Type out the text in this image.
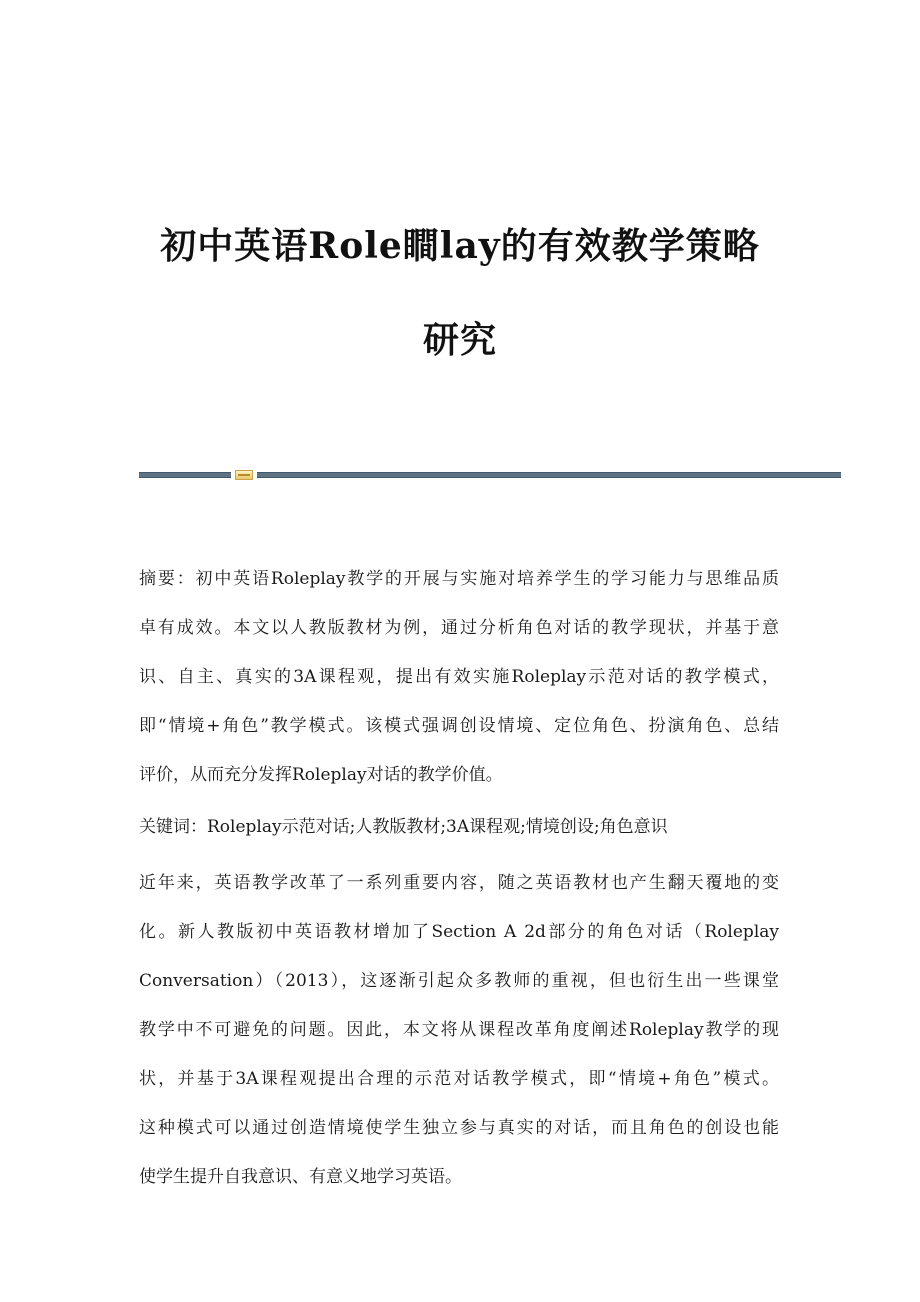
初中英语Role瞷lay的有效教学策略
研究

摘要：初中英语Roleplay教学的开展与实施对培养学生的学习能力与思维品质
卓有成效。本文以人教版教材为例，通过分析角色对话的教学现状，并基于意
识、自主、真实的3A课程观，提出有效实施Roleplay示范对话的教学模式，
即“情境+角色”教学模式。该模式强调创设情境、定位角色、扮演角色、总结
评价，从而充分发挥Roleplay对话的教学价值。

关键词：Roleplay示范对话;人教版教材;3A课程观;情境创设;角色意识

近年来，英语教学改革了一系列重要内容，随之英语教材也产生翻天覆地的变
化。新人教版初中英语教材增加了Section A 2d部分的角色对话（Roleplay
Conversation）（2013），这逐渐引起众多教师的重视，但也衍生出一些课堂
教学中不可避免的问题。因此，本文将从课程改革角度阐述Roleplay教学的现
状，并基于3A课程观提出合理的示范对话教学模式，即“情境+角色”模式。
这种模式可以通过创造情境使学生独立参与真实的对话，而且角色的创设也能
使学生提升自我意识、有意义地学习英语。
